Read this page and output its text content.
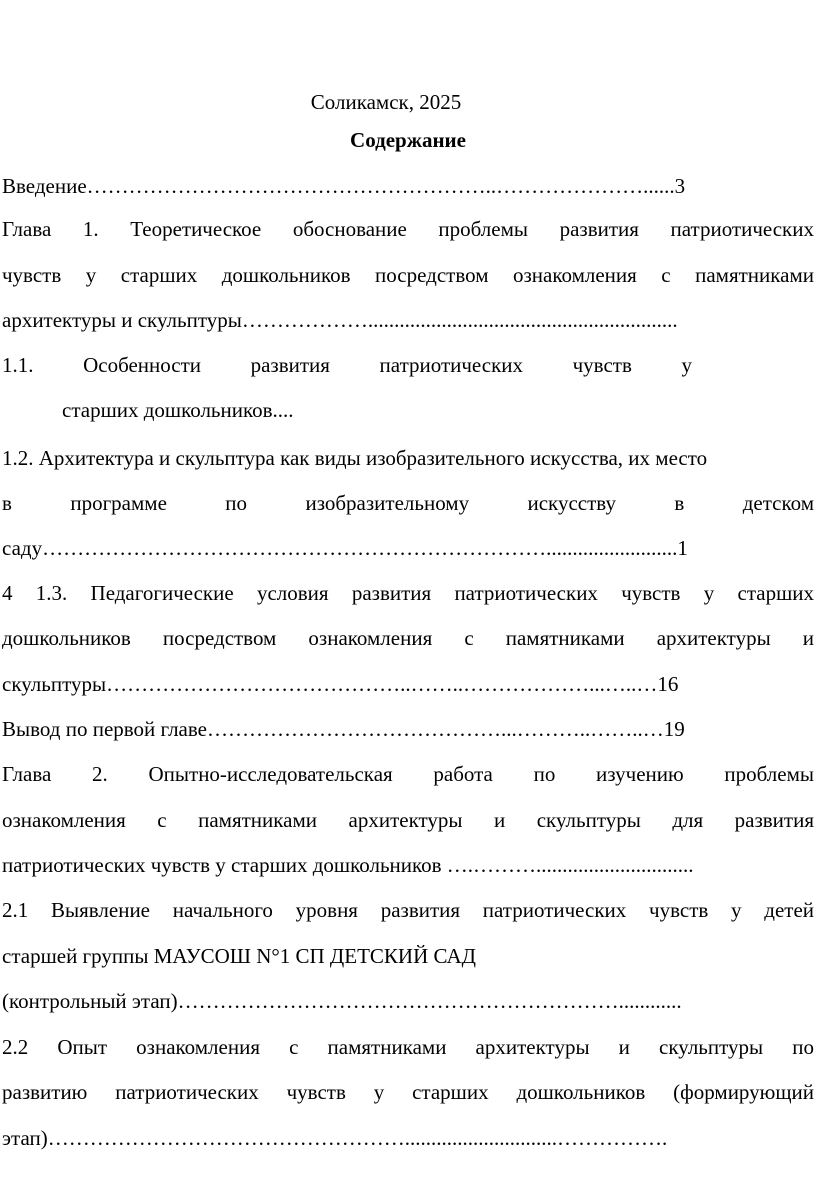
Соликамск, 2025
Содержание
Введение…………………………………………………..…………………......3
Глава 1. Теоретическое обоснование проблемы развития патриотических
чувств у старших дошкольников посредством ознакомления с памятниками
архитектуры и скульптуры………………...........................................................
1.1. Особенности развития патриотических чувств у
старших дошкольников....
1.2. Архитектура и скульптура как виды изобразительного искусства, их место
в программе по изобразительному искусству в детском
саду……………………………………………………………….........................1
4 1.3. Педагогические условия развития патриотических чувств у старших
дошкольников посредством ознакомления с памятниками архитектуры и
скульптуры……………………………………..……..………………...…..…16
Вывод по первой главе……………………………………...………..……..…19
Глава 2. Опытно-исследовательская работа по изучению проблемы
ознакомления с памятниками архитектуры и скульптуры для развития
патриотических чувств у старших дошкольников ….………..............................
2.1 Выявление начального уровня развития патриотических чувств у детей
старшей группы МАУСОШ N°1 СП ДЕТСКИЙ САД
(контрольный этап)………………………………………………………............
2.2 Опыт ознакомления с памятниками архитектуры и скульптуры по
развитию патриотических чувств у старших дошкольников (формирующий
этап)…………………………………………….............................…………….
